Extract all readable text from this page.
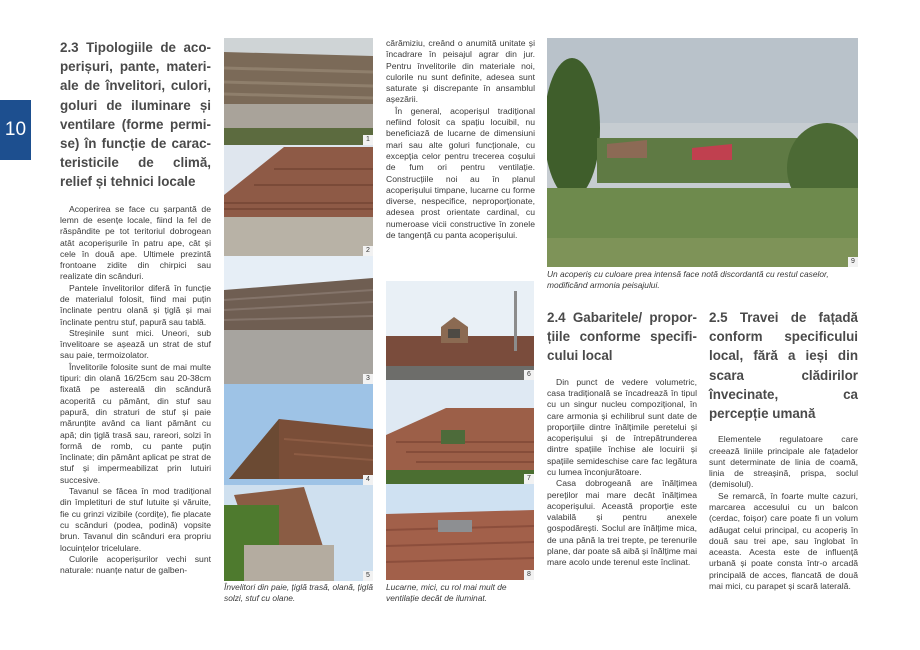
10
2.3 Tipologiile de acoperișuri, pante, materiale de învelitori, culori, goluri de iluminare și ventilare (forme permise) în funcție de caracteristicile de climă, relief și tehnici locale

Acoperirea se face cu șarpantă de lemn de esențe locale, fiind la fel de răspândite pe tot teritoriul dobrogean atât acoperișurile în patru ape, cât și cele în două ape. Ultimele prezintă frontoane zidite din chirpici sau realizate din scânduri.

Pantele învelitorilor diferă în funcție de materialul folosit, fiind mai puțin înclinate pentru olană și țiglă și mai înclinate pentru stuf, papură sau tablă.

Streșinile sunt mici. Uneori, sub învelitoare se așează un strat de stuf sau paie, termoizolator.

Învelitorile folosite sunt de mai multe tipuri: din olană 16/25cm sau 20-38cm fixată pe asterealã din scândură acoperită cu pământ, din stuf sau papură, din straturi de stuf și paie mărunțite având ca liant pământ cu apă; din țiglă trasă sau, rareori, solzi în formă de romb, cu pante puțin înclinate; din pământ aplicat pe strat de stuf și impermeabilizat prin lutuiri succesive.

Tavanul se făcea în mod tradițional din împletituri de stuf lutuite și văruite, fie cu grinzi vizibile (cordițe), fie placate cu scânduri (podea, podină) vopsite brun. Tavanul din scânduri era propriu locuințelor tricelulare.

Culorile acoperișurilor vechi sunt naturale: nuanțe natur de galben-

1
2
3
4
5
Învelitori din paie, țiglă trasă, olană, țiglă solzi, stuf cu olane.

cărămiziu, creând o anumită unitate și încadrare în peisajul agrar din jur. Pentru învelitorile din materiale noi, culorile nu sunt definite, adesea sunt saturate și discrepante în ansamblul așezării.

În general, acoperișul tradițional nefiind folosit ca spațiu locuibil, nu beneficiază de lucarne de dimensiuni mari sau alte goluri funcționale, cu excepția celor pentru trecerea coșului de fum ori pentru ventilație. Construcțiile noi au în planul acoperișului timpane, lucarne cu forme diverse, nespecifice, neproporționate, adesea prost orientate cardinal, cu numeroase vicii constructive în zonele de tangență cu panta acoperișului.

6
7
8
Lucarne, mici, cu rol mai mult de ventilație decât de iluminat.
9
Un acoperiș cu culoare prea intensă face notă discordantă cu restul caselor, modificând armonia peisajului.
2.4 Gabaritele/ proporțiile conforme specificului local

Din punct de vedere volumetric, casa tradițională se încadrează în tipul cu un singur nucleu compozițional, în care armonia și echilibrul sunt date de proporțiile dintre înălțimile peretelui și acoperișului și de întrepătrunderea dintre spațiile închise ale locuirii și spațiile semideschise care fac legătura cu lumea înconjurătoare.

Casa dobrogeană are înălțimea pereților mai mare decât înălțimea acoperișului. Această proporție este valabilă și pentru anexele gospodărești. Soclul are înălțime mica, de una până la trei trepte, pe terenurile plane, dar poate să aibă și înălțime mai mare acolo unde terenul este înclinat.

2.5 Travei de fațadă conform specificului local, fără a ieși din scara clădirilor învecinate, ca percepție umană

Elementele regulatoare care creează liniile principale ale fațadelor sunt determinate de linia de coamă, linia de streașină, prispa, soclul (demisolul).

Se remarcă, în foarte multe cazuri, marcarea accesului cu un balcon (cerdac, foișor) care poate fi un volum adăugat celui principal, cu acoperiș în două sau trei ape, sau înglobat în aceasta. Acesta este de influență urbană și poate consta într-o arcadă principală de acces, flancată de două mai mici, cu parapet și scară laterală.
